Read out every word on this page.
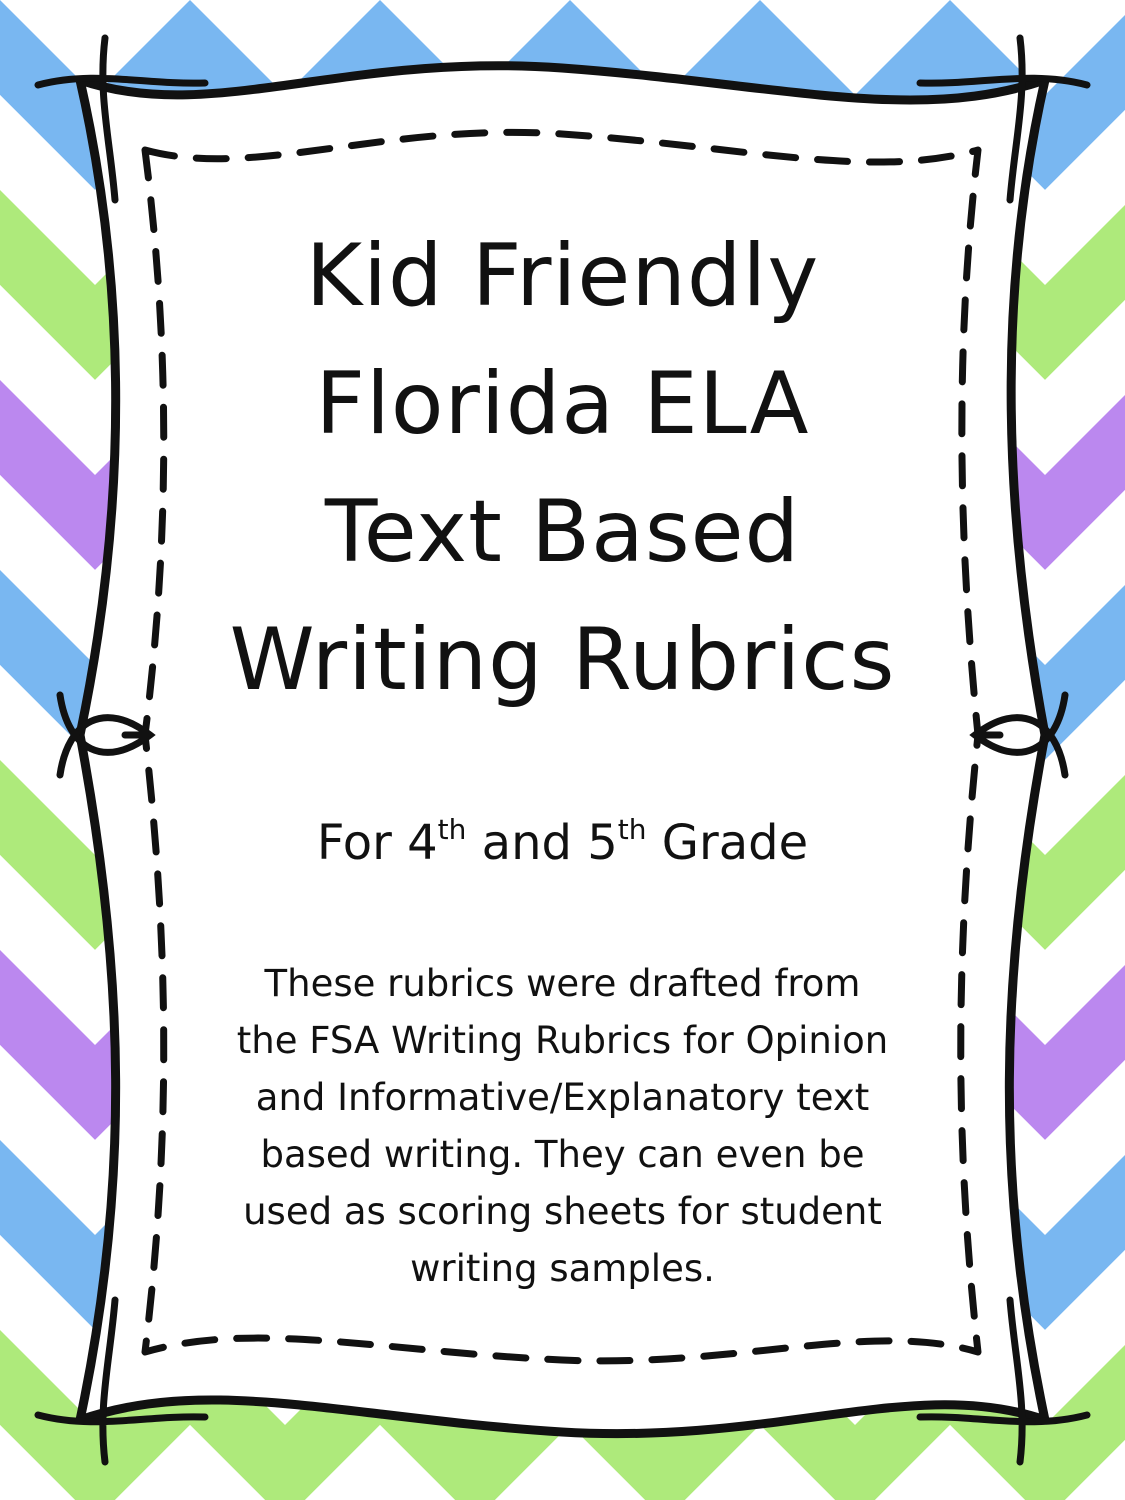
Kid Friendly
Florida ELA
Text Based
Writing Rubrics
For 4th and 5th Grade
These rubrics were drafted from
the FSA Writing Rubrics for Opinion
and Informative/Explanatory text
based writing. They can even be
used as scoring sheets for student
writing samples.
